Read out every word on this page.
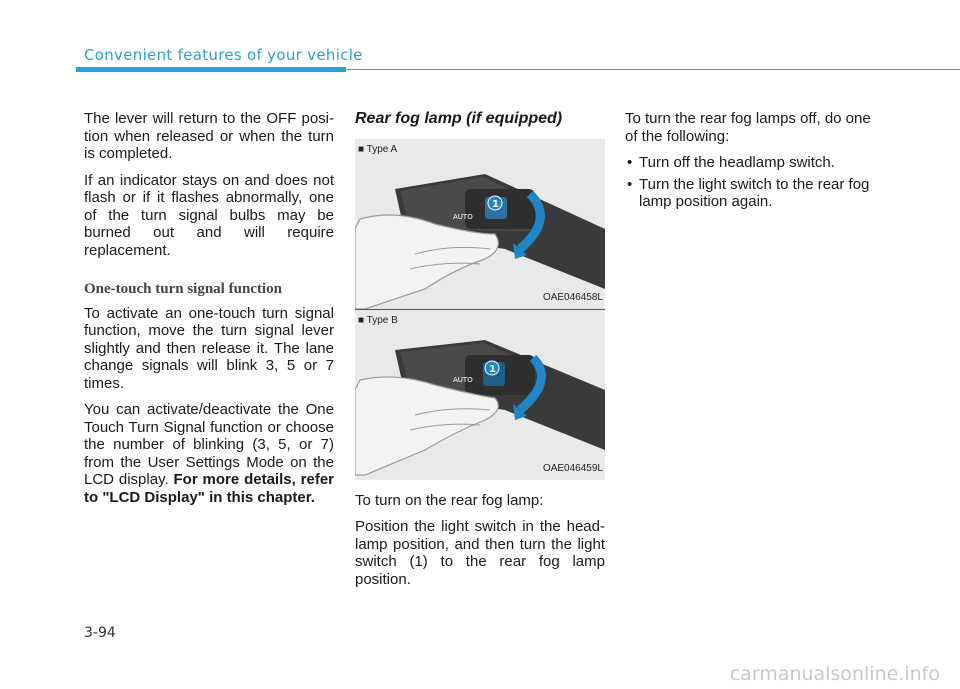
Convenient features of your vehicle

The lever will return to the OFF posi-tion when released or when the turn is completed.

If an indicator stays on and does not flash or if it flashes abnormally, one of the turn signal bulbs may be burned out and will require replacement.

One-touch turn signal function

To activate an one-touch turn signal function, move the turn signal lever slightly and then release it. The lane change signals will blink 3, 5 or 7 times.

You can activate/deactivate the One Touch Turn Signal function or choose the number of blinking (3, 5, or 7) from the User Settings Mode on the LCD display. For more details, refer to "LCD Display" in this chapter.

Rear fog lamp (if equipped)
■ Type A
AUTO
1
OAE046458L
■ Type B
AUTO
1
OAE046459L

To turn on the rear fog lamp:

Position the light switch in the head-lamp position, and then turn the light switch (1) to the rear fog lamp position.

To turn the rear fog lamps off, do one of the following:

• Turn off the headlamp switch.
• Turn the light switch to the rear fog lamp position again.
3-94
carmanualsonline.info
